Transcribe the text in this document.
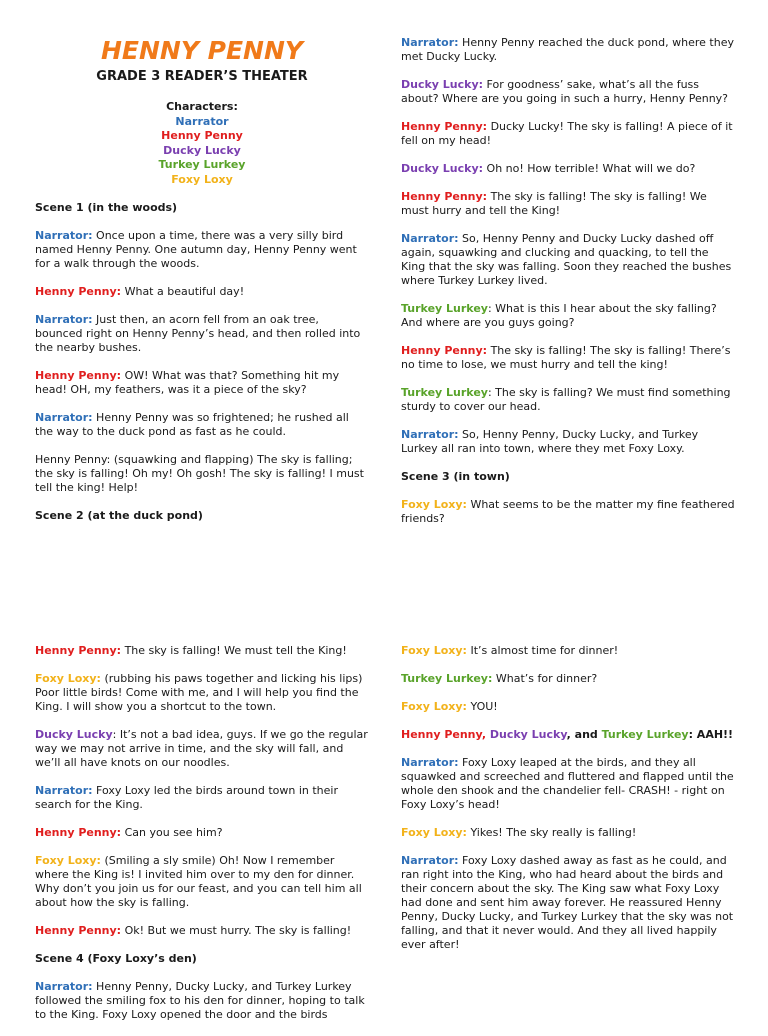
HENNY PENNY
GRADE 3 READER’S THEATER
Characters:
Narrator
Henny Penny
Ducky Lucky
Turkey Lurkey
Foxy Loxy

Scene 1 (in the woods)

Narrator: Once upon a time, there was a very silly bird named Henny Penny. One autumn day, Henny Penny went for a walk through the woods.

Henny Penny: What a beautiful day!

Narrator: Just then, an acorn fell from an oak tree, bounced right on Henny Penny’s head, and then rolled into the nearby bushes.

Henny Penny: OW! What was that? Something hit my head! OH, my feathers, was it a piece of the sky?

Narrator: Henny Penny was so frightened; he rushed all the way to the duck pond as fast as he could.

Henny Penny: (squawking and flapping) The sky is falling; the sky is falling! Oh my! Oh gosh! The sky is falling! I must tell the king! Help!

Scene 2 (at the duck pond)

Narrator: Henny Penny reached the duck pond, where they met Ducky Lucky.

Ducky Lucky: For goodness’ sake, what’s all the fuss about? Where are you going in such a hurry, Henny Penny?

Henny Penny: Ducky Lucky! The sky is falling! A piece of it fell on my head!

Ducky Lucky: Oh no! How terrible! What will we do?

Henny Penny: The sky is falling! The sky is falling! We must hurry and tell the King!

Narrator: So, Henny Penny and Ducky Lucky dashed off again, squawking and clucking and quacking, to tell the King that the sky was falling. Soon they reached the bushes where Turkey Lurkey lived.

Turkey Lurkey: What is this I hear about the sky falling? And where are you guys going?

Henny Penny: The sky is falling! The sky is falling! There’s no time to lose, we must hurry and tell the king!

Turkey Lurkey: The sky is falling? We must find something sturdy to cover our head.

Narrator: So, Henny Penny, Ducky Lucky, and Turkey Lurkey all ran into town, where they met Foxy Loxy.

Scene 3 (in town)

Foxy Loxy: What seems to be the matter my fine feathered friends?

Henny Penny: The sky is falling! We must tell the King!

Foxy Loxy: (rubbing his paws together and licking his lips) Poor little birds! Come with me, and I will help you find the King. I will show you a shortcut to the town.

Ducky Lucky: It’s not a bad idea, guys. If we go the regular way we may not arrive in time, and the sky will fall, and we’ll all have knots on our noodles.

Narrator: Foxy Loxy led the birds around town in their search for the King.

Henny Penny: Can you see him?

Foxy Loxy: (Smiling a sly smile) Oh! Now I remember where the King is! I invited him over to my den for dinner. Why don’t you join us for our feast, and you can tell him all about how the sky is falling.

Henny Penny: Ok! But we must hurry. The sky is falling!

Scene 4 (Foxy Loxy’s den)

Narrator: Henny Penny, Ducky Lucky, and Turkey Lurkey followed the smiling fox to his den for dinner, hoping to talk to the King. Foxy Loxy opened the door and the birds

Foxy Loxy: It’s almost time for dinner!

Turkey Lurkey: What’s for dinner?

Foxy Loxy: YOU!

Henny Penny, Ducky Lucky, and Turkey Lurkey: AAH!!

Narrator: Foxy Loxy leaped at the birds, and they all squawked and screeched and fluttered and flapped until the whole den shook and the chandelier fell- CRASH! - right on Foxy Loxy’s head!

Foxy Loxy: Yikes! The sky really is falling!

Narrator: Foxy Loxy dashed away as fast as he could, and ran right into the King, who had heard about the birds and their concern about the sky. The King saw what Foxy Loxy had done and sent him away forever. He reassured Henny Penny, Ducky Lucky, and Turkey Lurkey that the sky was not falling, and that it never would. And they all lived happily ever after!
